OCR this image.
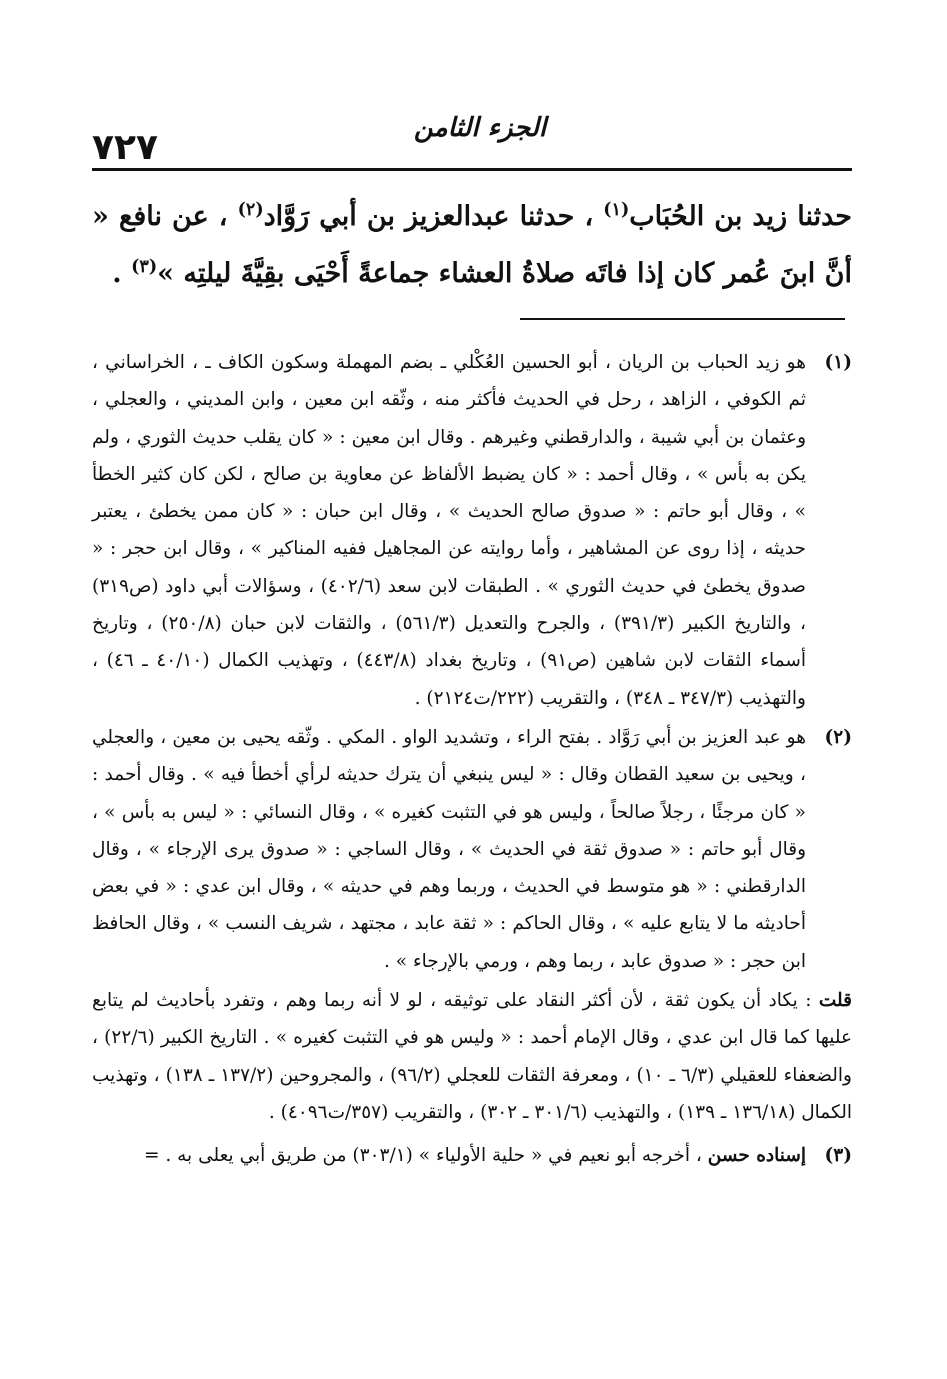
٧٢٧	الجزء الثامن

حدثنا زيد بن الحُبَاب$^{(١)}$ ، حدثنا عبدالعزيز بن أبي رَوَّاد$^{(٢)}$ ، عن نافع « أنَّ ابنَ عُمر كان إذا فاتَه صلاةُ العشاء جماعةً أَحْيَى بقِيَّةَ ليلتِه »$^{(٣)}$ .

(١)
هو زيد الحباب بن الريان ، أبو الحسين العُكْلي ـ بضم المهملة وسكون الكاف ـ ، الخراساني ، ثم الكوفي ، الزاهد ، رحل في الحديث فأكثر منه ، وثّقه ابن معين ، وابن المديني ، والعجلي ، وعثمان بن أبي شيبة ، والدارقطني وغيرهم . وقال ابن معين : « كان يقلب حديث الثوري ، ولم يكن به بأس » ، وقال أحمد : « كان يضبط الألفاظ عن معاوية بن صالح ، لكن كان كثير الخطأ » ، وقال أبو حاتم : « صدوق صالح الحديث » ، وقال ابن حبان : « كان ممن يخطئ ، يعتبر حديثه ، إذا روى عن المشاهير ، وأما روايته عن المجاهيل ففيه المناكير » ، وقال ابن حجر : « صدوق يخطئ في حديث الثوري » . الطبقات لابن سعد (٤٠٢/٦) ، وسؤالات أبي داود (ص٣١٩) ، والتاريخ الكبير (٣٩١/٣) ، والجرح والتعديل (٥٦١/٣) ، والثقات لابن حبان (٢٥٠/٨) ، وتاريخ أسماء الثقات لابن شاهين (ص٩١) ، وتاريخ بغداد (٤٤٣/٨) ، وتهذيب الكمال (٤٠/١٠ ـ ٤٦) ، والتهذيب (٣٤٧/٣ ـ ٣٤٨) ، والتقريب (٢٢٢/ت٢١٢٤) .
(٢)
هو عبد العزيز بن أبي رَوَّاد . بفتح الراء ، وتشديد الواو . المكي . وثّقه يحيى بن معين ، والعجلي ، ويحيى بن سعيد القطان وقال : « ليس ينبغي أن يترك حديثه لرأي أخطأ فيه » . وقال أحمد : « كان مرجئًا ، رجلاً صالحاً ، وليس هو في التثبت كغيره » ، وقال النسائي : « ليس به بأس » ، وقال أبو حاتم : « صدوق ثقة في الحديث » ، وقال الساجي : « صدوق يرى الإرجاء » ، وقال الدارقطني : « هو متوسط في الحديث ، وربما وهم في حديثه » ، وقال ابن عدي : « في بعض أحاديثه ما لا يتابع عليه » ، وقال الحاكم : « ثقة عابد ، مجتهد ، شريف النسب » ، وقال الحافظ ابن حجر : « صدوق عابد ، ربما وهم ، ورمي بالإرجاء » .
قلت : يكاد أن يكون ثقة ، لأن أكثر النقاد على توثيقه ، لو لا أنه ربما وهم ، وتفرد بأحاديث لم يتابع عليها كما قال ابن عدي ، وقال الإمام أحمد : « وليس هو في التثبت كغيره » . التاريخ الكبير (٢٢/٦) ، والضعفاء للعقيلي (٦/٣ ـ ١٠) ، ومعرفة الثقات للعجلي (٩٦/٢) ، والمجروحين (١٣٧/٢ ـ ١٣٨) ، وتهذيب الكمال (١٣٦/١٨ ـ ١٣٩) ، والتهذيب (٣٠١/٦ ـ ٣٠٢) ، والتقريب (٣٥٧/ت٤٠٩٦) .
(٣)
إسناده حسن ، أخرجه أبو نعيم في « حلية الأولياء » (٣٠٣/١) من طريق أبي يعلى به . =
